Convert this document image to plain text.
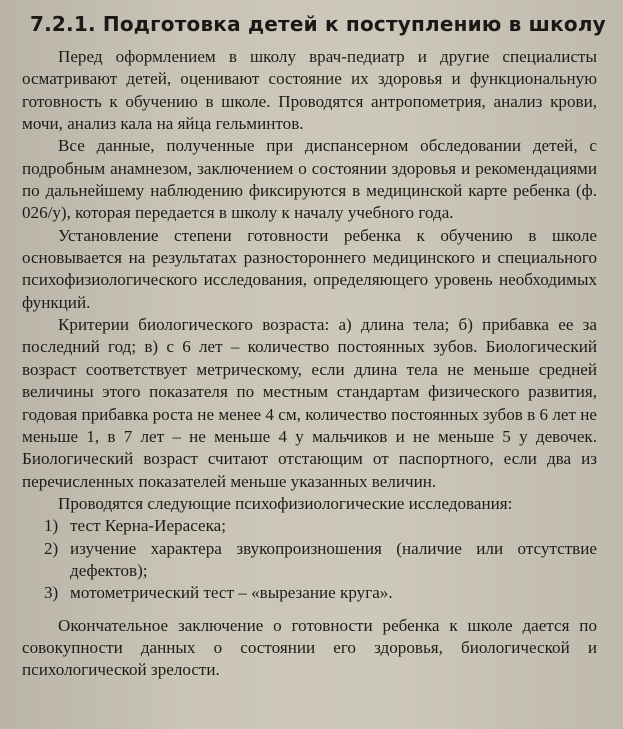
7.2.1. Подготовка детей к поступлению в школу

Перед оформлением в школу врач-педиатр и другие специалисты осматривают детей, оценивают состояние их здоровья и функциональную готовность к обучению в школе. Проводятся антропометрия, анализ крови, мочи, анализ кала на яйца гельминтов.

Все данные, полученные при диспансерном обследовании детей, с подробным анамнезом, заключением о состоянии здоровья и рекомендациями по дальнейшему наблюдению фиксируются в медицинской карте ребенка (ф. 026/у), которая передается в школу к началу учебного года.

Установление степени готовности ребенка к обучению в школе основывается на результатах разностороннего медицинского и специального психофизиологического исследования, определяющего уровень необходимых функций.

Критерии биологического возраста: а) длина тела; б) прибавка ее за последний год; в) с 6 лет – количество постоянных зубов. Биологический возраст соответствует метрическому, если длина тела не меньше средней величины этого показателя по местным стандартам физического развития, годовая прибавка роста не менее 4 см, количество постоянных зубов в 6 лет не меньше 1, в 7 лет – не меньше 4 у мальчиков и не меньше 5 у девочек. Биологический возраст считают отстающим от паспортного, если два из перечисленных показателей меньше указанных величин.

Проводятся следующие психофизиологические исследования:

1) тест Керна-Иерасека;
2) изучение характера звукопроизношения (наличие или отсутствие дефектов);
3) мотометрический тест – «вырезание круга».

Окончательное заключение о готовности ребенка к школе дается по совокупности данных о состоянии его здоровья, биологической и психологической зрелости.
